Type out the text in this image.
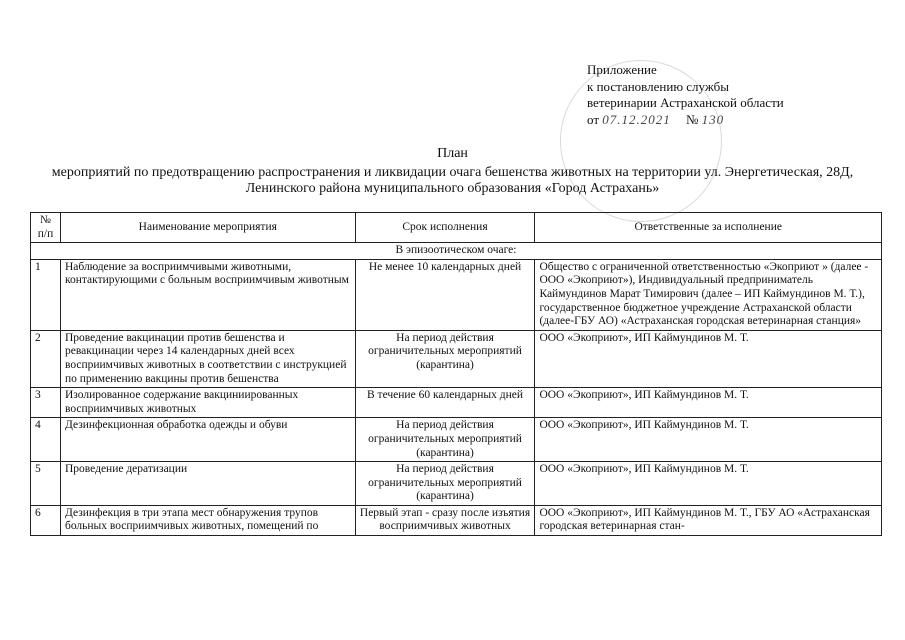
Приложение
к постановлению службы
ветеринарии Астраханской области
от 07.12.2021 № 130
План
мероприятий по предотвращению распространения и ликвидации очага бешенства животных на территории ул. Энергетическая, 28Д, Ленинского района муниципального образования «Город Астрахань»
№ п/п	Наименование мероприятия	Срок исполнения	Ответственные за исполнение
В эпизоотическом очаге:			
1	Наблюдение за восприимчивыми животными, контактирующими с больным восприимчивым животным	Не менее 10 календарных дней	Общество с ограниченной ответственностью «Экоприют » (далее - ООО «Экоприют»), Индивидуальный предприниматель Каймундинов Марат Тимирович (далее – ИП Каймундинов М. Т.), государственное бюджетное учреждение Астраханской области (далее-ГБУ АО) «Астраханская городская ветеринарная станция»
2	Проведение вакцинации против бешенства и ревакцинации через 14 календарных дней всех восприимчивых животных в соответствии с инструкцией по применению вакцины против бешенства	На период действия ограничительных мероприятий (карантина)	ООО «Экоприют», ИП Каймундинов М. Т.
3	Изолированное содержание вакциниированных восприимчивых животных	В течение 60 календарных дней	ООО «Экоприют», ИП Каймундинов М. Т.
4	Дезинфекционная обработка одежды и обуви	На период действия ограничительных мероприятий (карантина)	ООО «Экоприют», ИП Каймундинов М. Т.
5	Проведение дератизации	На период действия ограничительных мероприятий (карантина)	ООО «Экоприют», ИП Каймундинов М. Т.
6	Дезинфекция в три этапа мест обнаружения трупов больных восприимчивых животных, помещений по	Первый этап - сразу после изъятия восприимчивых животных	ООО «Экоприют», ИП Каймундинов М. Т., ГБУ АО «Астраханская городская ветеринарная стан-
